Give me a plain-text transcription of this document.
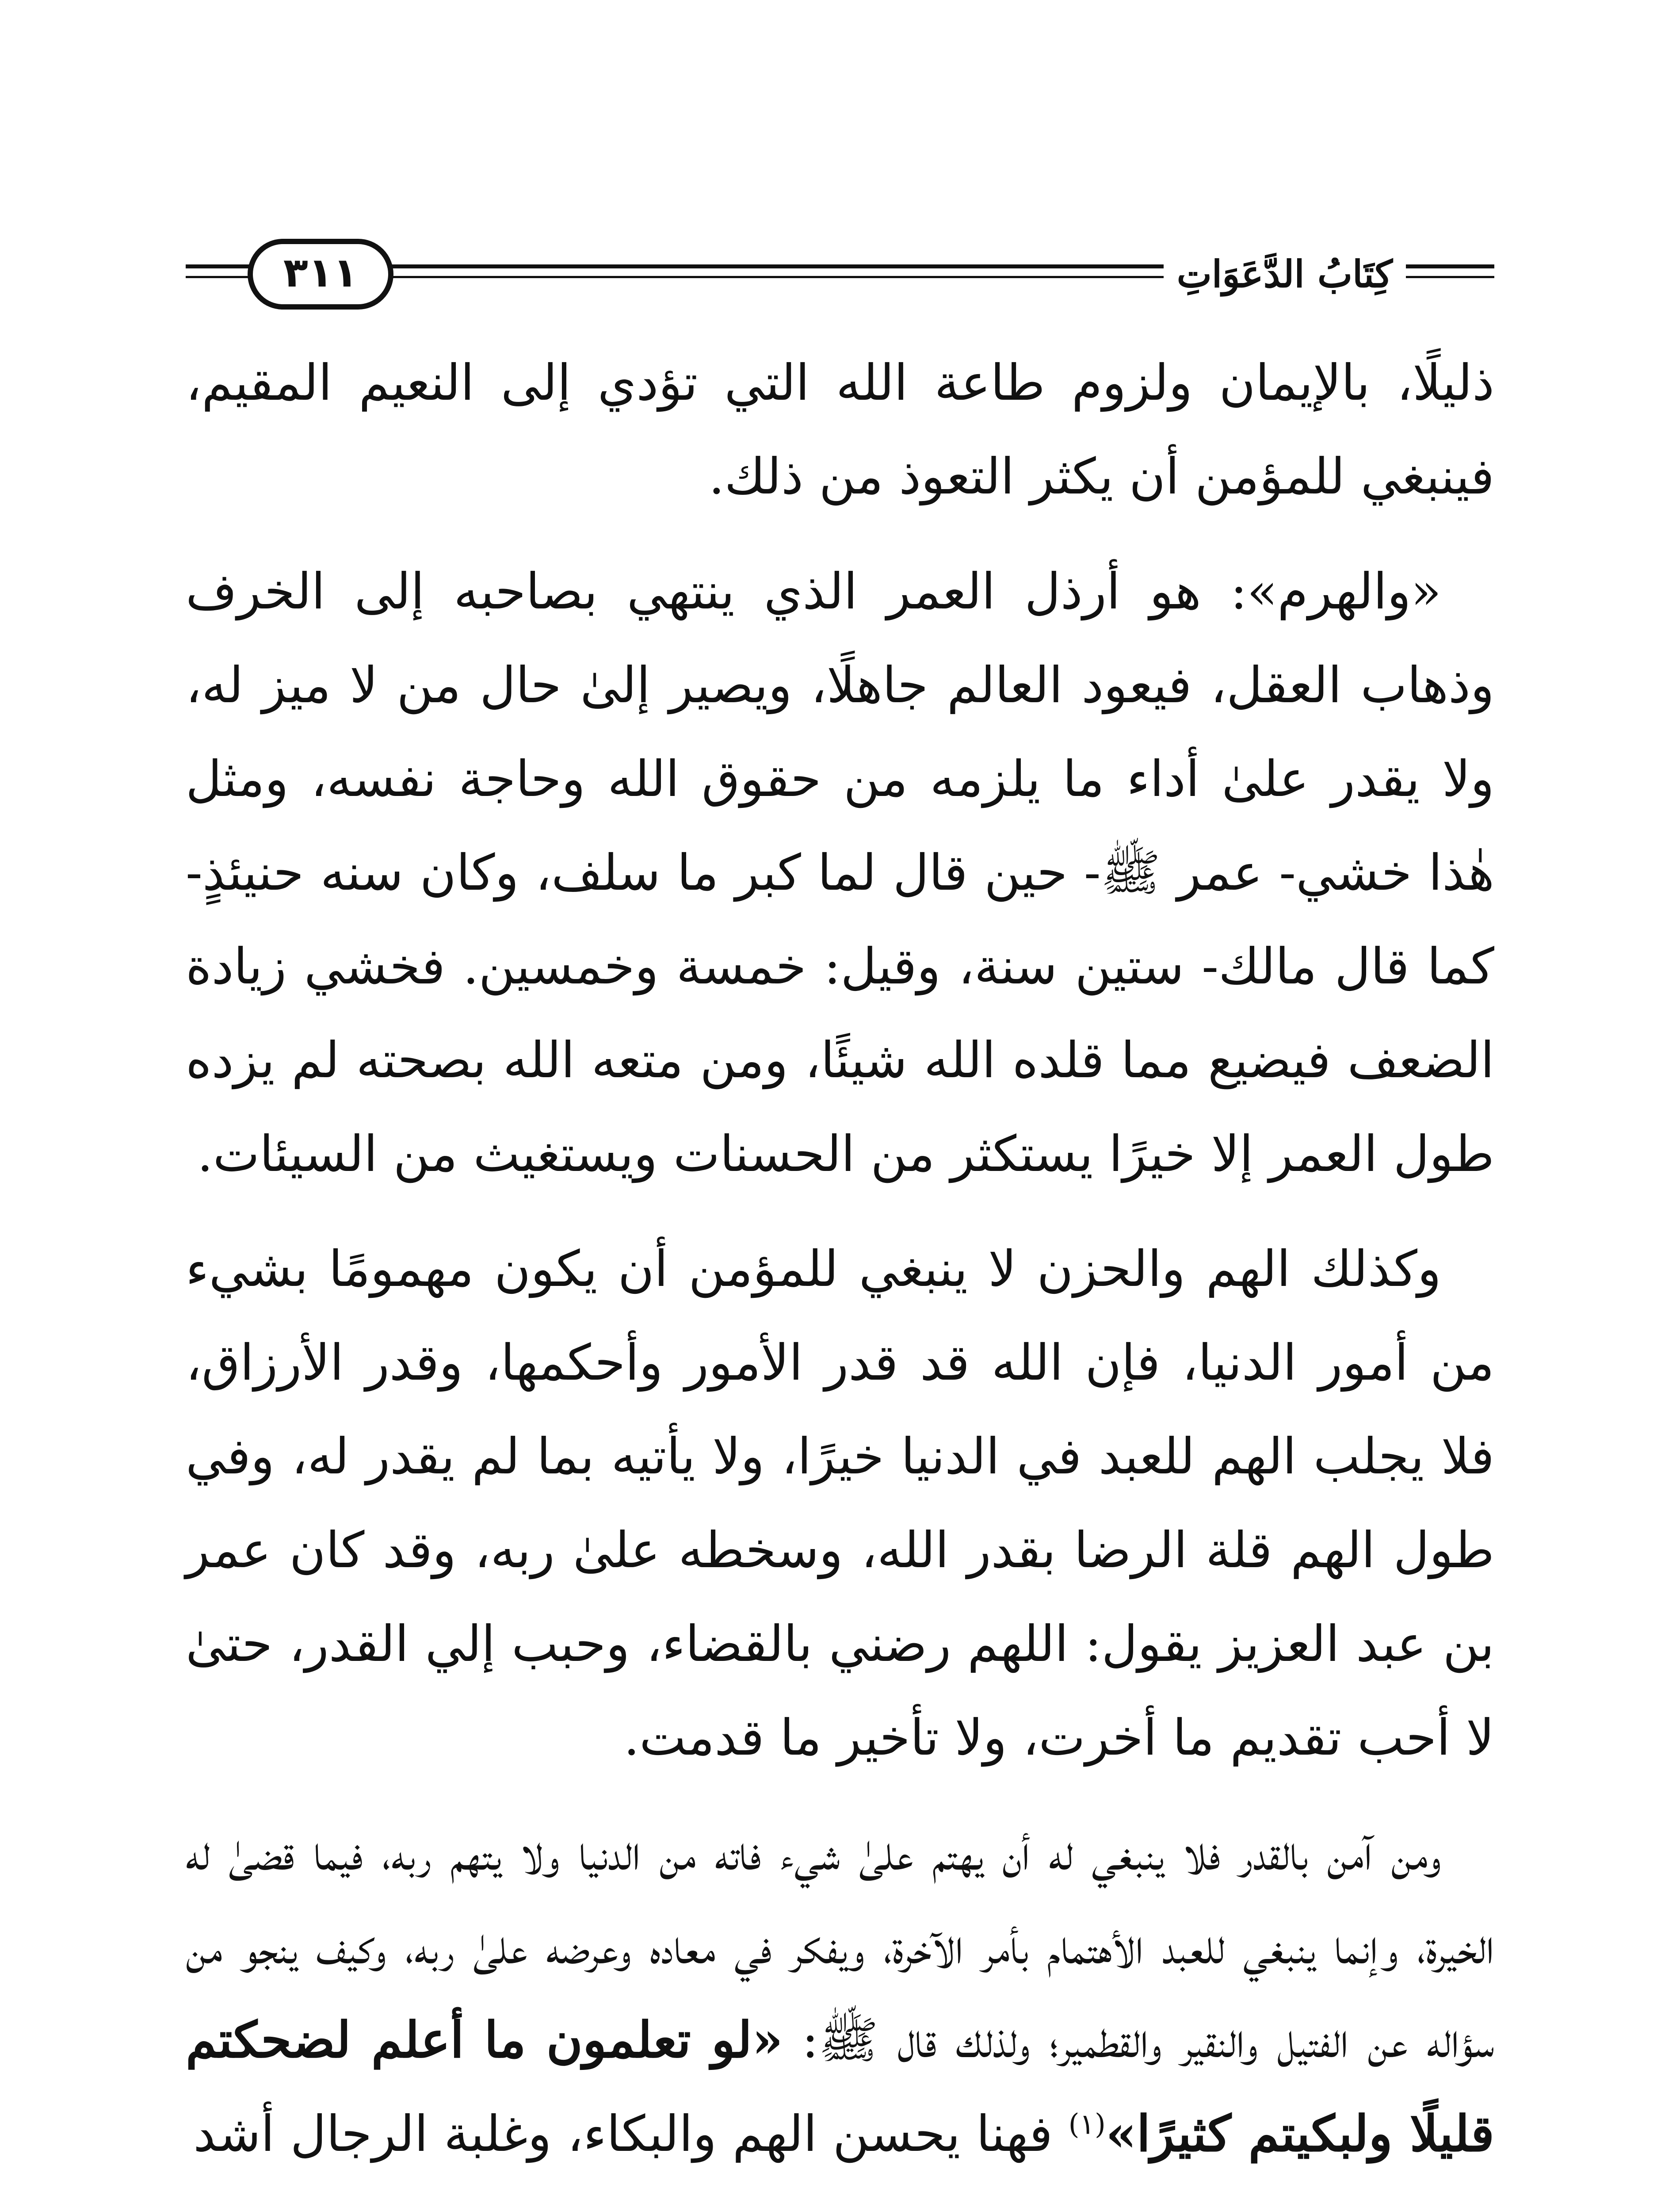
٣١١	كِتَابُ الدَّعَوَاتِ

ذليلًا، بالإيمان ولزوم طاعة الله التي تؤدي إلى النعيم المقيم، فينبغي للمؤمن أن يكثر التعوذ من ذلك.

«والهرم»: هو أرذل العمر الذي ينتهي بصاحبه إلى الخرف وذهاب العقل، فيعود العالم جاهلًا، ويصير إلىٰ حال من لا ميز له، ولا يقدر علىٰ أداء ما يلزمه من حقوق الله وحاجة نفسه، ومثل هٰذا خشي- عمر ﷺ- حين قال لما كبر ما سلف، وكان سنه حنيئذٍ- كما قال مالك- ستين سنة، وقيل: خمسة وخمسين. فخشي زيادة الضعف فيضيع مما قلده الله شيئًا، ومن متعه الله بصحته لم يزده طول العمر إلا خيرًا يستكثر من الحسنات ويستغيث من السيئات.

وكذلك الهم والحزن لا ينبغي للمؤمن أن يكون مهمومًا بشيء من أمور الدنيا، فإن الله قد قدر الأمور وأحكمها، وقدر الأرزاق، فلا يجلب الهم للعبد في الدنيا خيرًا، ولا يأتيه بما لم يقدر له، وفي طول الهم قلة الرضا بقدر الله، وسخطه علىٰ ربه، وقد كان عمر بن عبد العزيز يقول: اللهم رضني بالقضاء، وحبب إلي القدر، حتىٰ لا أحب تقديم ما أخرت، ولا تأخير ما قدمت.

ومن آمن بالقدر فلا ينبغي له أن يهتم علىٰ شيء فاته من الدنيا ولا يتهم ربه، فيما قضىٰ له الخيرة، وإنما ينبغي للعبد الأهتمام بأمر الآخرة، ويفكر في معاده وعرضه علىٰ ربه، وكيف ينجو من سؤاله عن الفتيل والنقير والقطمير؛ ولذلك قال ﷺ: «لو تعلمون ما أعلم لضحكتم قليلًا ولبكيتم كثيرًا»$^{(١)}$ فهنا يحسن الهم والبكاء، وغلبة الرجال أشد
